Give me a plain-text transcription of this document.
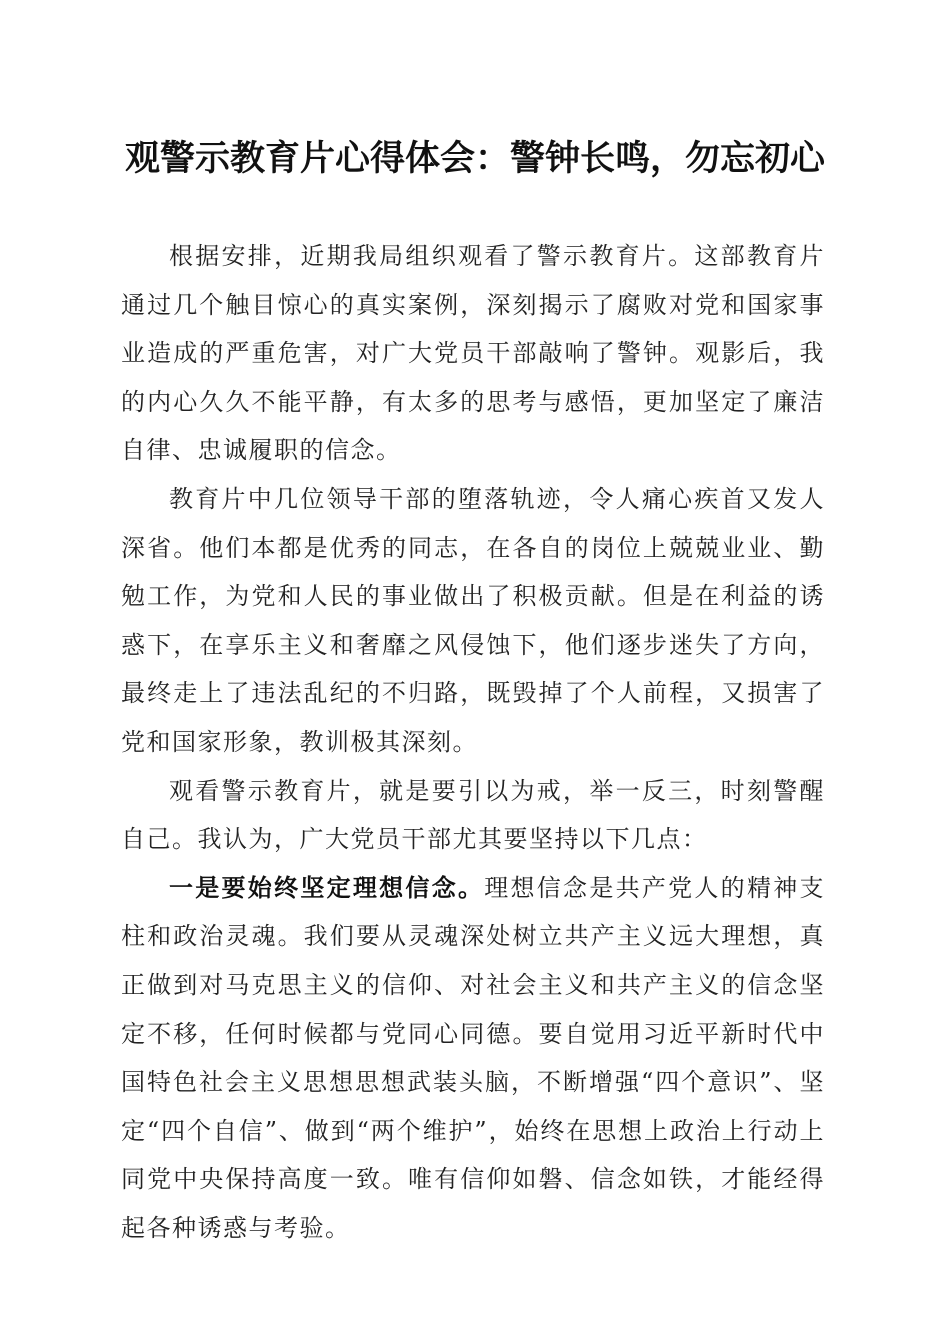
观警示教育片心得体会：警钟长鸣，勿忘初心

根据安排，近期我局组织观看了警示教育片。这部教育片通过几个触目惊心的真实案例，深刻揭示了腐败对党和国家事业造成的严重危害，对广大党员干部敲响了警钟。观影后，我的内心久久不能平静，有太多的思考与感悟，更加坚定了廉洁自律、忠诚履职的信念。

教育片中几位领导干部的堕落轨迹，令人痛心疾首又发人深省。他们本都是优秀的同志，在各自的岗位上兢兢业业、勤勉工作，为党和人民的事业做出了积极贡献。但是在利益的诱惑下，在享乐主义和奢靡之风侵蚀下，他们逐步迷失了方向，最终走上了违法乱纪的不归路，既毁掉了个人前程，又损害了党和国家形象，教训极其深刻。

观看警示教育片，就是要引以为戒，举一反三，时刻警醒自己。我认为，广大党员干部尤其要坚持以下几点：

一是要始终坚定理想信念。理想信念是共产党人的精神支柱和政治灵魂。我们要从灵魂深处树立共产主义远大理想，真正做到对马克思主义的信仰、对社会主义和共产主义的信念坚定不移，任何时候都与党同心同德。要自觉用习近平新时代中国特色社会主义思想思想武装头脑，不断增强“四个意识”、坚定“四个自信”、做到“两个维护”，始终在思想上政治上行动上同党中央保持高度一致。唯有信仰如磐、信念如铁，才能经得起各种诱惑与考验。
